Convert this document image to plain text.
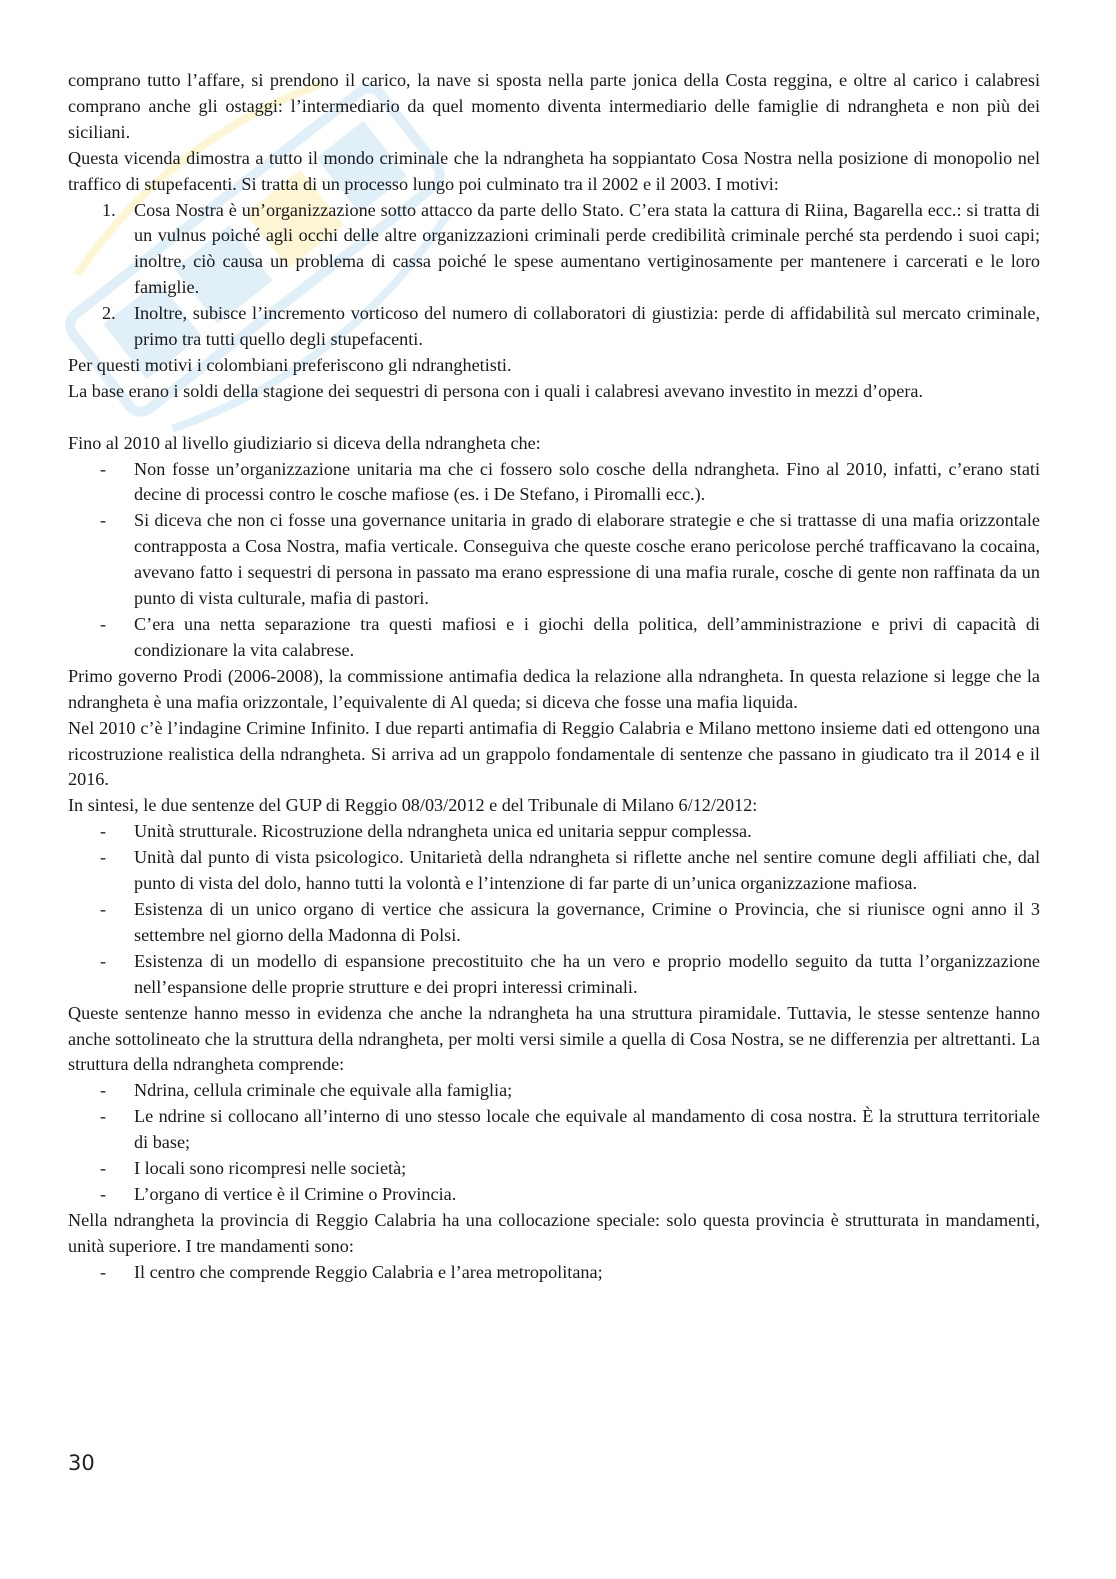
comprano tutto l’affare, si prendono il carico, la nave si sposta nella parte jonica della Costa reggina, e oltre al carico i calabresi comprano anche gli ostaggi: l’intermediario da quel momento diventa intermediario delle famiglie di ndrangheta e non più dei siciliani.

Questa vicenda dimostra a tutto il mondo criminale che la ndrangheta ha soppiantato Cosa Nostra nella posizione di monopolio nel traffico di stupefacenti. Si tratta di un processo lungo poi culminato tra il 2002 e il 2003. I motivi:

1. Cosa Nostra è un’organizzazione sotto attacco da parte dello Stato. C’era stata la cattura di Riina, Bagarella ecc.: si tratta di un vulnus poiché agli occhi delle altre organizzazioni criminali perde credibilità criminale perché sta perdendo i suoi capi; inoltre, ciò causa un problema di cassa poiché le spese aumentano vertiginosamente per mantenere i carcerati e le loro famiglie.
2. Inoltre, subisce l’incremento vorticoso del numero di collaboratori di giustizia: perde di affidabilità sul mercato criminale, primo tra tutti quello degli stupefacenti.

Per questi motivi i colombiani preferiscono gli ndranghetisti.

La base erano i soldi della stagione dei sequestri di persona con i quali i calabresi avevano investito in mezzi d’opera.

Fino al 2010 al livello giudiziario si diceva della ndrangheta che:

- Non fosse un’organizzazione unitaria ma che ci fossero solo cosche della ndrangheta. Fino al 2010, infatti, c’erano stati decine di processi contro le cosche mafiose (es. i De Stefano, i Piromalli ecc.).
- Si diceva che non ci fosse una governance unitaria in grado di elaborare strategie e che si trattasse di una mafia orizzontale contrapposta a Cosa Nostra, mafia verticale. Conseguiva che queste cosche erano pericolose perché trafficavano la cocaina, avevano fatto i sequestri di persona in passato ma erano espressione di una mafia rurale, cosche di gente non raffinata da un punto di vista culturale, mafia di pastori.
- C’era una netta separazione tra questi mafiosi e i giochi della politica, dell’amministrazione e privi di capacità di condizionare la vita calabrese.

Primo governo Prodi (2006-2008), la commissione antimafia dedica la relazione alla ndrangheta. In questa relazione si legge che la ndrangheta è una mafia orizzontale, l’equivalente di Al queda; si diceva che fosse una mafia liquida.

Nel 2010 c’è l’indagine Crimine Infinito. I due reparti antimafia di Reggio Calabria e Milano mettono insieme dati ed ottengono una ricostruzione realistica della ndrangheta. Si arriva ad un grappolo fondamentale di sentenze che passano in giudicato tra il 2014 e il 2016.

In sintesi, le due sentenze del GUP di Reggio 08/03/2012 e del Tribunale di Milano 6/12/2012:

- Unità strutturale. Ricostruzione della ndrangheta unica ed unitaria seppur complessa.
- Unità dal punto di vista psicologico. Unitarietà della ndrangheta si riflette anche nel sentire comune degli affiliati che, dal punto di vista del dolo, hanno tutti la volontà e l’intenzione di far parte di un’unica organizzazione mafiosa.
- Esistenza di un unico organo di vertice che assicura la governance, Crimine o Provincia, che si riunisce ogni anno il 3 settembre nel giorno della Madonna di Polsi.
- Esistenza di un modello di espansione precostituito che ha un vero e proprio modello seguito da tutta l’organizzazione nell’espansione delle proprie strutture e dei propri interessi criminali.

Queste sentenze hanno messo in evidenza che anche la ndrangheta ha una struttura piramidale. Tuttavia, le stesse sentenze hanno anche sottolineato che la struttura della ndrangheta, per molti versi simile a quella di Cosa Nostra, se ne differenzia per altrettanti. La struttura della ndrangheta comprende:

- Ndrina, cellula criminale che equivale alla famiglia;
- Le ndrine si collocano all’interno di uno stesso locale che equivale al mandamento di cosa nostra. È la struttura territoriale di base;
- I locali sono ricompresi nelle società;
- L’organo di vertice è il Crimine o Provincia.

Nella ndrangheta la provincia di Reggio Calabria ha una collocazione speciale: solo questa provincia è strutturata in mandamenti, unità superiore. I tre mandamenti sono:

- Il centro che comprende Reggio Calabria e l’area metropolitana;
30
